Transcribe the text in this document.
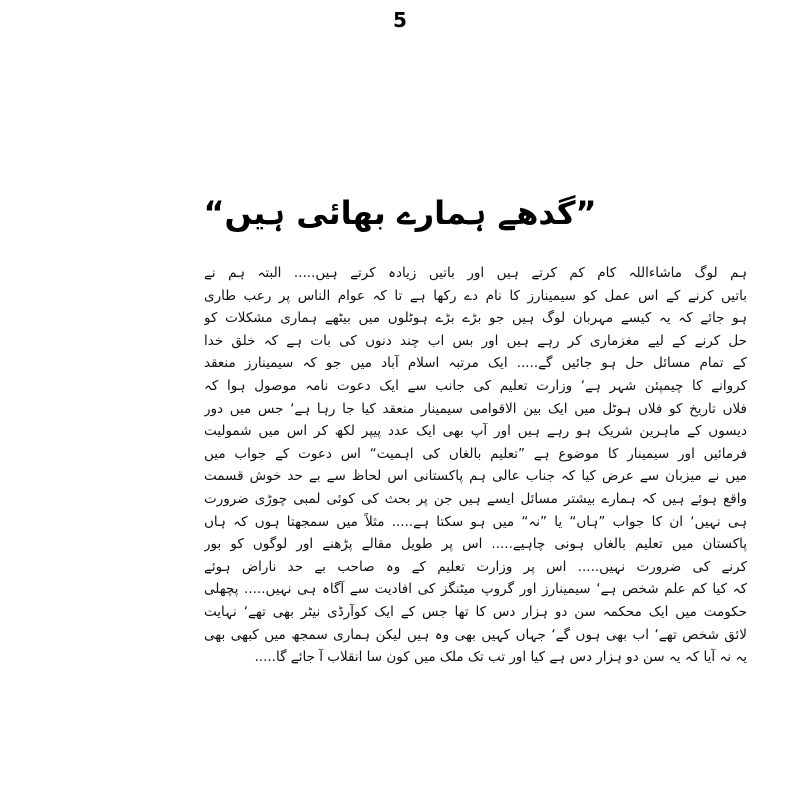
5
”گدھے ہمارے بھائی ہیں“
ہم لوگ ماشاءاللہ کام کم کرتے ہیں اور باتیں زیادہ کرتے ہیں..... البتہ ہم نے
باتیں کرنے کے اس عمل کو سیمینارز کا نام دے رکھا ہے تا کہ عوام الناس پر رعب طاری
ہو جائے کہ یہ کیسے مہربان لوگ ہیں جو بڑے بڑے ہوٹلوں میں بیٹھے ہماری مشکلات کو
حل کرنے کے لیے مغزماری کر رہے ہیں اور بس اب چند دنوں کی بات ہے کہ خلق خدا
کے تمام مسائل حل ہو جائیں گے..... ایک مرتبہ اسلام آباد میں جو کہ سیمینارز منعقد
کروانے کا چیمپئن شہر ہے‘ وزارت تعلیم کی جانب سے ایک دعوت نامہ موصول ہوا کہ
فلاں تاریخ کو فلاں ہوٹل میں ایک بین الاقوامی سیمینار منعقد کیا جا رہا ہے‘ جس میں دور
دیسوں کے ماہرین شریک ہو رہے ہیں اور آپ بھی ایک عدد پیپر لکھ کر اس میں شمولیت
فرمائیں اور سیمینار کا موضوع ہے ”تعلیم بالغاں کی اہمیت“ اس دعوت کے جواب میں
میں نے میزبان سے عرض کیا کہ جناب عالی ہم پاکستانی اس لحاظ سے بے حد خوش قسمت
واقع ہوئے ہیں کہ ہمارے بیشتر مسائل ایسے ہیں جن پر بحث کی کوئی لمبی چوڑی ضرورت
ہی نہیں‘ ان کا جواب ”ہاں“ یا ”نہ“ میں ہو سکتا ہے..... مثلاً میں سمجھتا ہوں کہ ہاں
پاکستان میں تعلیم بالغاں ہونی چاہیے..... اس پر طویل مقالے پڑھنے اور لوگوں کو بور
کرنے کی ضرورت نہیں..... اس پر وزارت تعلیم کے وہ صاحب بے حد ناراض ہوئے
کہ کیا کم علم شخص ہے‘ سیمینارز اور گروپ میٹنگز کی افادیت سے آگاہ ہی نہیں..... پچھلی
حکومت میں ایک محکمہ سن دو ہزار دس کا تھا جس کے ایک کوآرڈی نیٹر بھی تھے‘ نہایت
لائق شخص تھے‘ اب بھی ہوں گے‘ جہاں کہیں بھی وہ ہیں لیکن ہماری سمجھ میں کبھی بھی
یہ نہ آیا کہ یہ سن دو ہزار دس ہے کیا اور تب تک ملک میں کون سا انقلاب آ جائے گا.....
